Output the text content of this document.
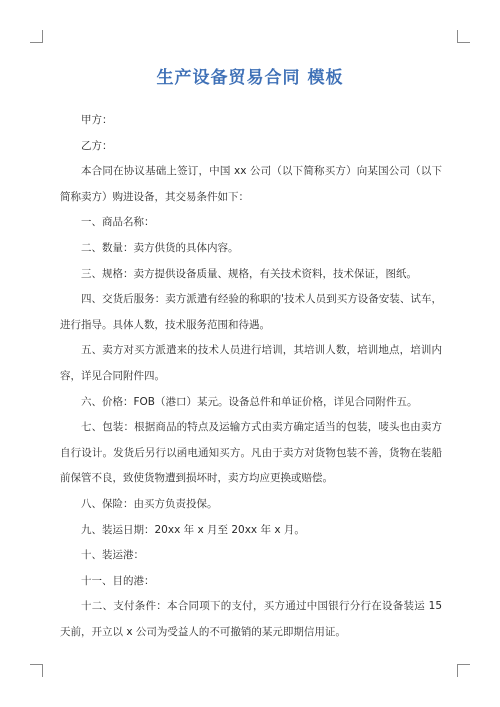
生产设备贸易合同 模板

甲方：

乙方：

本合同在协议基础上签订，中国 xx 公司（以下简称买方）向某国公司（以下简称卖方）购进设备，其交易条件如下：

一、商品名称：

二、数量：卖方供货的具体内容。

三、规格：卖方提供设备质量、规格，有关技术资料，技术保证，图纸。

四、交货后服务：卖方派遣有经验的称职的'技术人员到买方设备安装、试车，进行指导。具体人数，技术服务范围和待遇。

五、卖方对买方派遣来的技术人员进行培训，其培训人数，培训地点，培训内容，详见合同附件四。

六、价格：FOB（港口）某元。设备总件和单证价格，详见合同附件五。

七、包装：根据商品的特点及运输方式由卖方确定适当的包装，唛头也由卖方自行设计。发货后另行以函电通知买方。凡由于卖方对货物包装不善，货物在装船前保管不良，致使货物遭到损坏时，卖方均应更换或赔偿。

八、保险：由买方负责投保。

九、装运日期：20xx 年 x 月至 20xx 年 x 月。

十、装运港：

十一、目的港：

十二、支付条件：本合同项下的支付，买方通过中国银行分行在设备装运 15 天前，开立以 x 公司为受益人的不可撤销的某元即期信用证。
